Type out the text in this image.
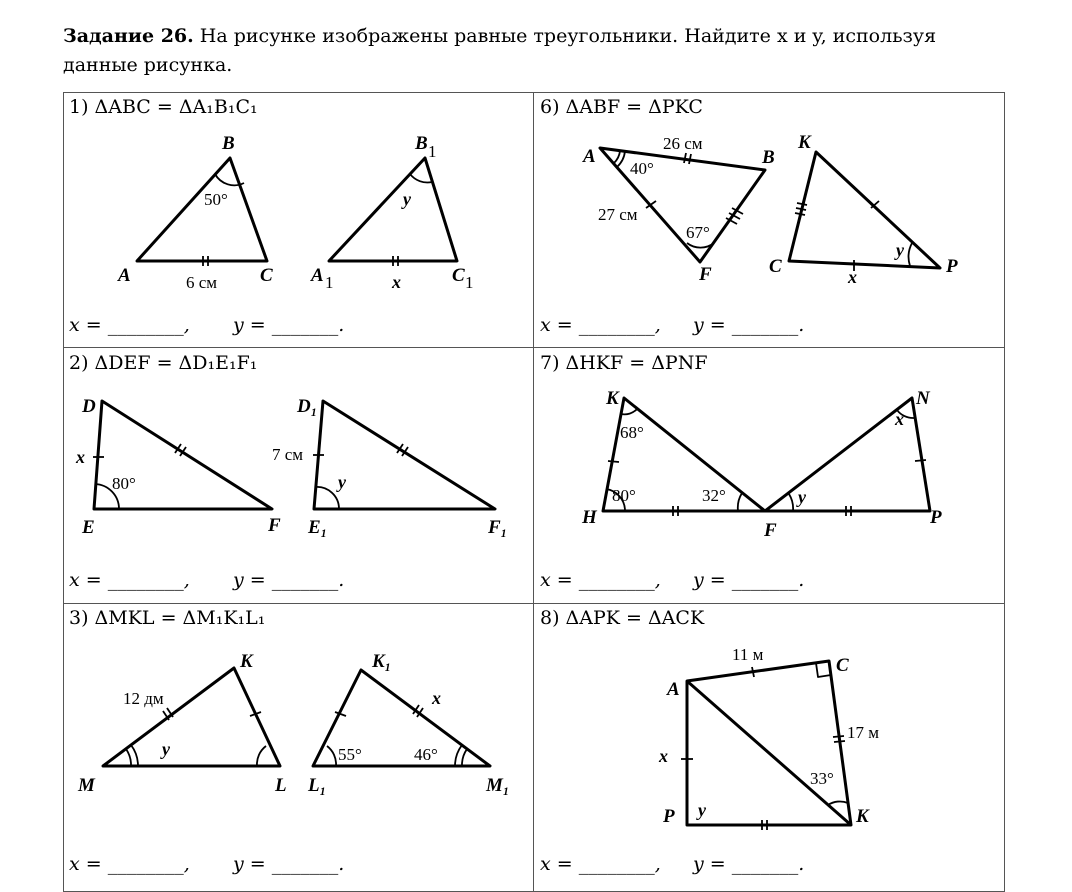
Задание 26. На рисунке изображены равные треугольники. Найдите x и y, используя данные рисунка.
1) ΔABC = ΔA₁B₁C₁	6) ΔABF = ΔPKC
2) ΔDEF = ΔD₁E₁F₁	7) ΔHKF = ΔPNF
3) ΔMKL = ΔM₁K₁L₁	8) ΔAPK = ΔACK
x = ________, y = _______.	x = ________, y = _______.
x = ________, y = _______.	x = ________, y = _______.
x = ________, y = _______.	x = ________, y = _______.
B
A	C
50°
6 см
B 1
A 1	C 1
y
x
A	B
F
26 см
27 см
40°
67°
K
C	P
x
y
D
E	F
x
80°
D₁
E₁	F₁
7 см
y
K
H
F
68°
80°	32°
N
P
x
y
K
M	L
12 дм
y
K₁
L₁	M₁
x
55°	46°
A
C
P	K
11 м
17 м
33°
x
y
